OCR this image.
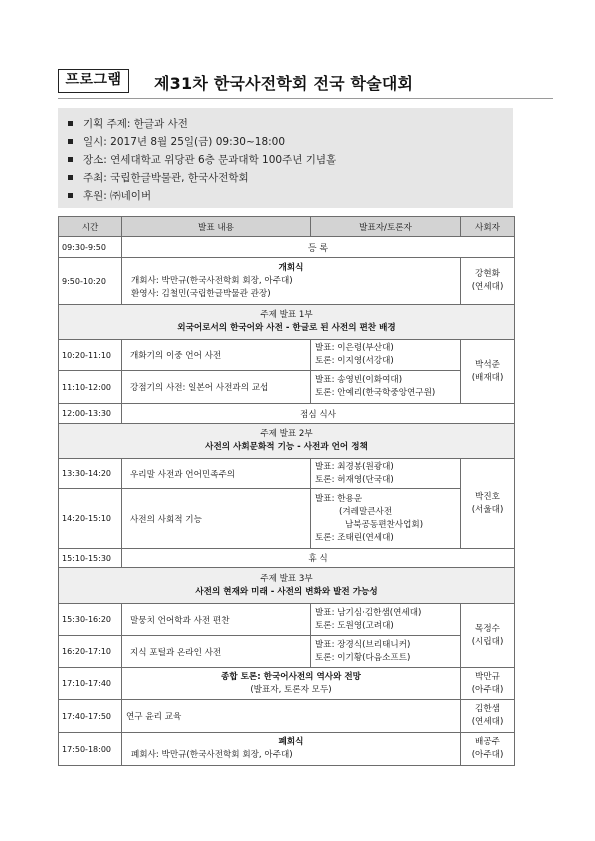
프로그램	제31차 한국사전학회 전국 학술대회
기획 주제: 한글과 사전
일시: 2017년 8월 25일(금) 09:30~18:00
장소: 연세대학교 위당관 6층 문과대학 100주년 기념홀
주최: 국립한글박물관, 한국사전학회
후원: ㈜네이버
시간	발표 내용	발표자/토론자	사회자
09:30-9:50	등 록		
9:50-10:20	개회식
개회사: 박만규(한국사전학회 회장, 아주대)
환영사: 김철민(국립한글박물관 관장)		강현화
(연세대)

주제 발표 1부
외국어로서의 한국어와 사전 - 한글로 된 사전의 편찬 배경			

10:20-11:10	개화기의 이중 언어 사전	발표: 이은령(부산대)
토론: 이지영(서강대)	박석준
(배재대)

11:10-12:00	강점기의 사전: 일본어 사전과의 교섭	발표: 송영빈(이화여대)
토론: 안예리(한국학중앙연구원)	

12:00-13:30	점심 식사		

주제 발표 2부
사전의 사회문화적 기능 - 사전과 언어 정책			

13:30-14:20	우리말 사전과 언어민족주의	발표: 최경봉(원광대)
토론: 허재영(단국대)	박진호
(서울대)

14:20-15:10	사전의 사회적 기능	발표: 한용운
(겨레말큰사전
남북공동편찬사업회)
토론: 조태린(연세대)	

15:10-15:30	휴 식		

주제 발표 3부
사전의 현재와 미래 - 사전의 변화와 발전 가능성			

15:30-16:20	말뭉치 언어학과 사전 편찬	발표: 남기심·김한샘(연세대)
토론: 도원영(고려대)	목정수
(시립대)

16:20-17:10	지식 포털과 온라인 사전	발표: 장경식(브리태니커)
토론: 이기황(다음소프트)	

17:10-17:40	종합 토론: 한국어사전의 역사와 전망
(발표자, 토론자 모두)		박만규
(아주대)

17:40-17:50	연구 윤리 교육		김한샘
(연세대)

17:50-18:00	폐회식
폐회사: 박만규(한국사전학회 회장, 아주대)		배공주
(아주대)
